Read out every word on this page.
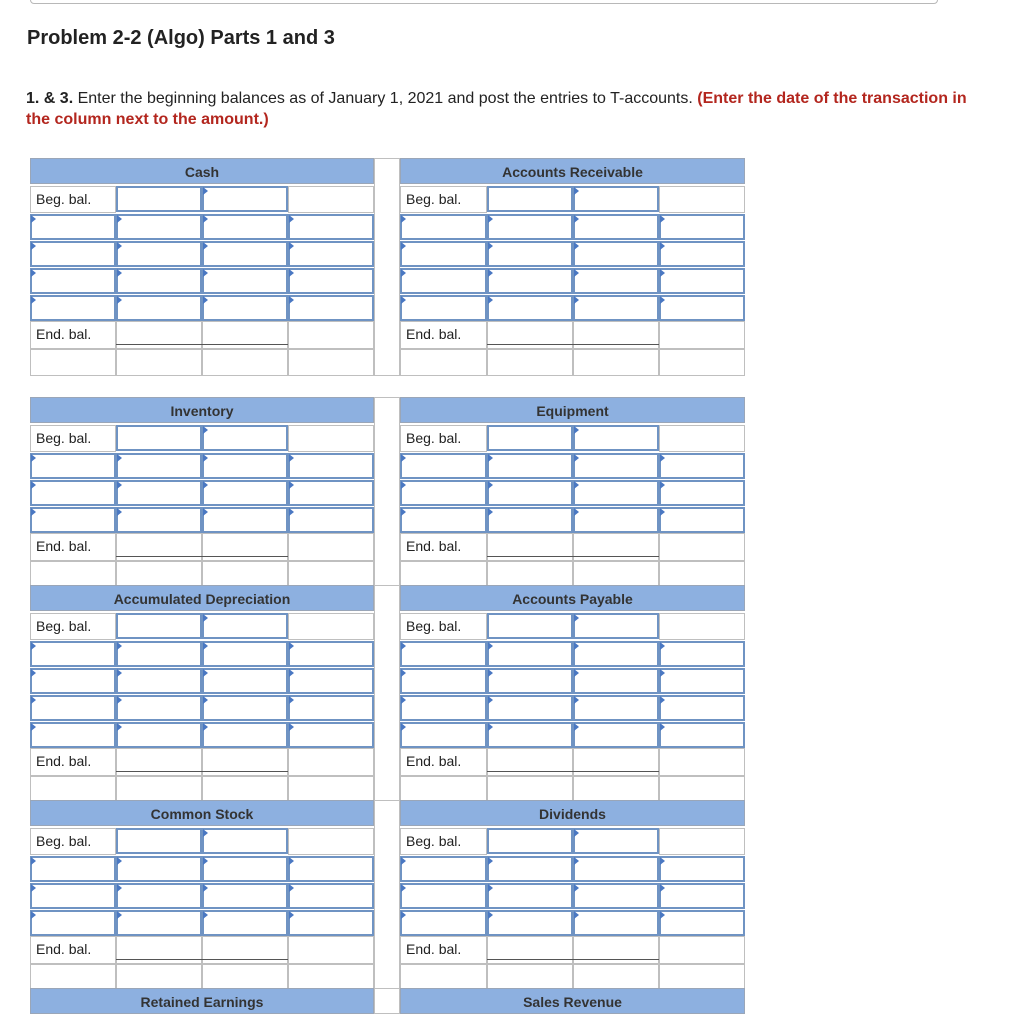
Problem 2-2 (Algo) Parts 1 and 3
1. & 3. Enter the beginning balances as of January 1, 2021 and post the entries to T-accounts. (Enter the date of the transaction in the column next to the amount.)
Cash
Beg. bal.
End. bal.
Accounts Receivable
Beg. bal.
End. bal.
Inventory
Beg. bal.
End. bal.
Equipment
Beg. bal.
End. bal.
Accumulated Depreciation
Beg. bal.
End. bal.
Accounts Payable
Beg. bal.
End. bal.
Common Stock
Beg. bal.
End. bal.
Dividends
Beg. bal.
End. bal.
Retained Earnings	Sales Revenue
